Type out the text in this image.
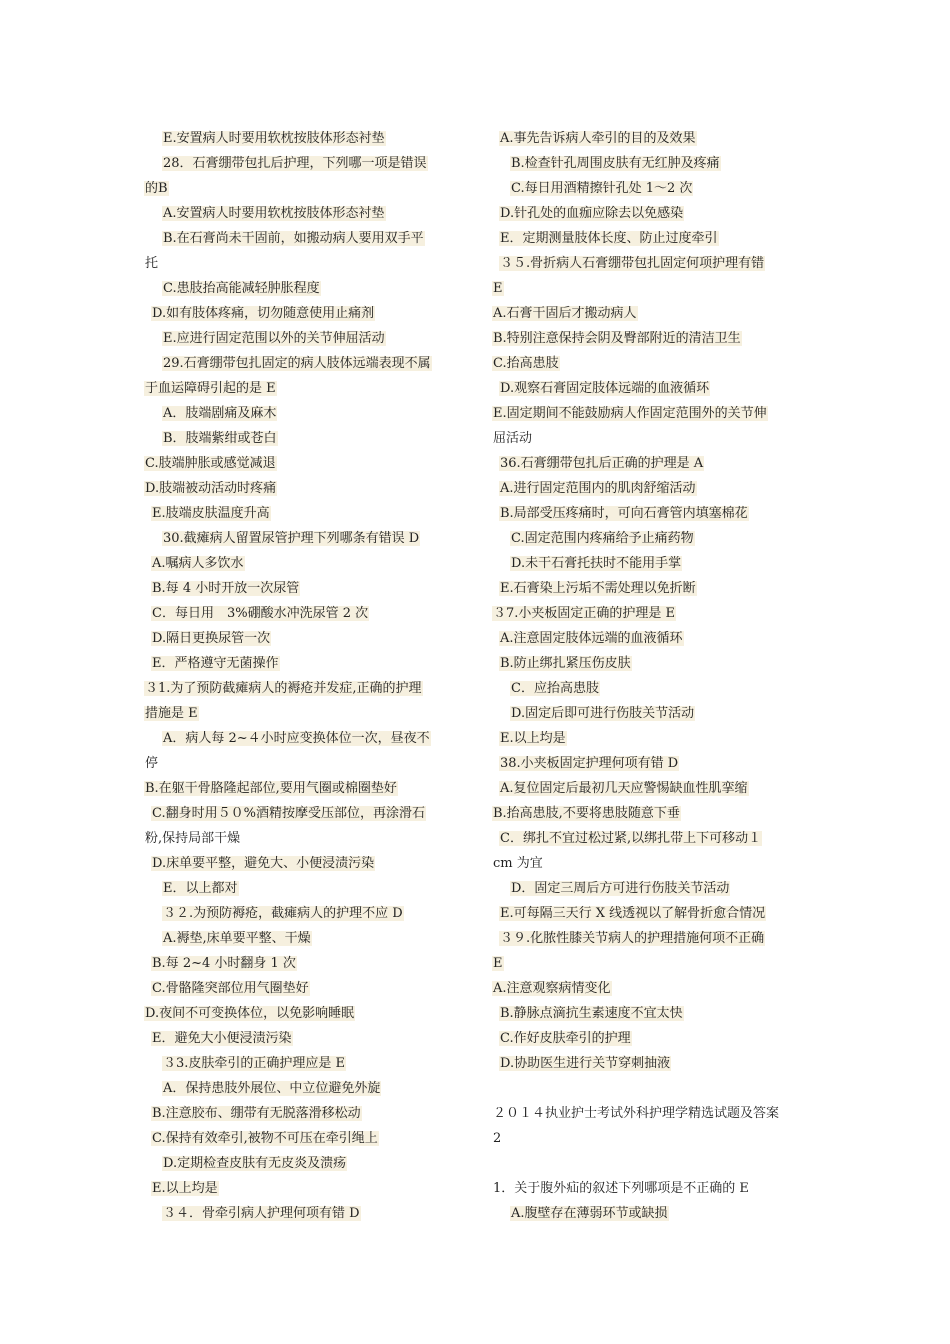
E.安置病人时要用软枕按肢体形态衬垫
28．石膏绷带包扎后护理，下列哪一项是错误
的B
A.安置病人时要用软枕按肢体形态衬垫
B.在石膏尚未干固前，如搬动病人要用双手平
托
C.患肢抬高能减轻肿胀程度
D.如有肢体疼痛，切勿随意使用止痛剂
E.应进行固定范围以外的关节伸屈活动
29.石膏绷带包扎固定的病人肢体远端表现不属
于血运障碍引起的是 E
A．肢端剧痛及麻木
B．肢端紫绀或苍白
C.肢端肿胀或感觉减退
D.肢端被动活动时疼痛
E.肢端皮肤温度升高
30.截瘫病人留置尿管护理下列哪条有错误 D
A.嘱病人多饮水
B.每 4 小时开放一次尿管
C．每日用　3%硼酸水冲洗尿管 2 次
D.隔日更换尿管一次
E．严格遵守无菌操作
３1.为了预防截瘫病人的褥疮并发症,正确的护理
措施是 E
A．病人每 2~４小时应变换体位一次，昼夜不
停
B.在躯干骨胳隆起部位,要用气圈或棉圈垫好
C.翻身时用５０%酒精按摩受压部位，再涂滑石
粉,保持局部干燥
D.床单要平整，避免大、小便浸渍污染
E．以上都对
３２.为预防褥疮，截瘫病人的护理不应 D
A.褥垫,床单要平整、干燥
B.每 2~4 小时翻身 1 次
C.骨骼隆突部位用气圈垫好
D.夜间不可变换体位，以免影响睡眠
E．避免大小便浸渍污染
３3.皮肤牵引的正确护理应是 E
A．保持患肢外展位、中立位避免外旋
B.注意胶布、绷带有无脱落滑移松动
C.保持有效牵引,被物不可压在牵引绳上
D.定期检查皮肤有无皮炎及溃疡
E.以上均是
３４．骨牵引病人护理何项有错 D
A.事先告诉病人牵引的目的及效果
B.检查针孔周围皮肤有无红肿及疼痛
C.每日用酒精擦针孔处 1～2 次
D.针孔处的血痂应除去以免感染
E．定期测量肢体长度、防止过度牵引
３５.骨折病人石膏绷带包扎固定何项护理有错
E
A.石膏干固后才搬动病人
B.特别注意保持会阴及臀部附近的清洁卫生
C.抬高患肢
D.观察石膏固定肢体远端的血液循环
E.固定期间不能鼓励病人作固定范围外的关节伸
屈活动
36.石膏绷带包扎后正确的护理是 A
A.进行固定范围内的肌肉舒缩活动
B.局部受压疼痛时，可向石膏管内填塞棉花
C.固定范围内疼痛给予止痛药物
D.未干石膏托扶时不能用手掌
E.石膏染上污垢不需处理以免折断
３7.小夹板固定正确的护理是 E
A.注意固定肢体远端的血液循环
B.防止绑扎紧压伤皮肤
C．应抬高患肢
D.固定后即可进行伤肢关节活动
E.以上均是
38.小夹板固定护理何项有错 D
A.复位固定后最初几天应警惕缺血性肌挛缩
B.抬高患肢,不要将患肢随意下垂
C．绑扎不宜过松过紧,以绑扎带上下可移动１
cm 为宜
D．固定三周后方可进行伤肢关节活动
E.可每隔三天行 X 线透视以了解骨折愈合情况
３９.化脓性膝关节病人的护理措施何项不正确
E
A.注意观察病情变化
B.静脉点滴抗生素速度不宜太快
C.作好皮肤牵引的护理
D.协助医生进行关节穿刺抽液
２０１４执业护士考试外科护理学精选试题及答案
2
1．关于腹外疝的叙述下列哪项是不正确的 E
A.腹壁存在薄弱环节或缺损
